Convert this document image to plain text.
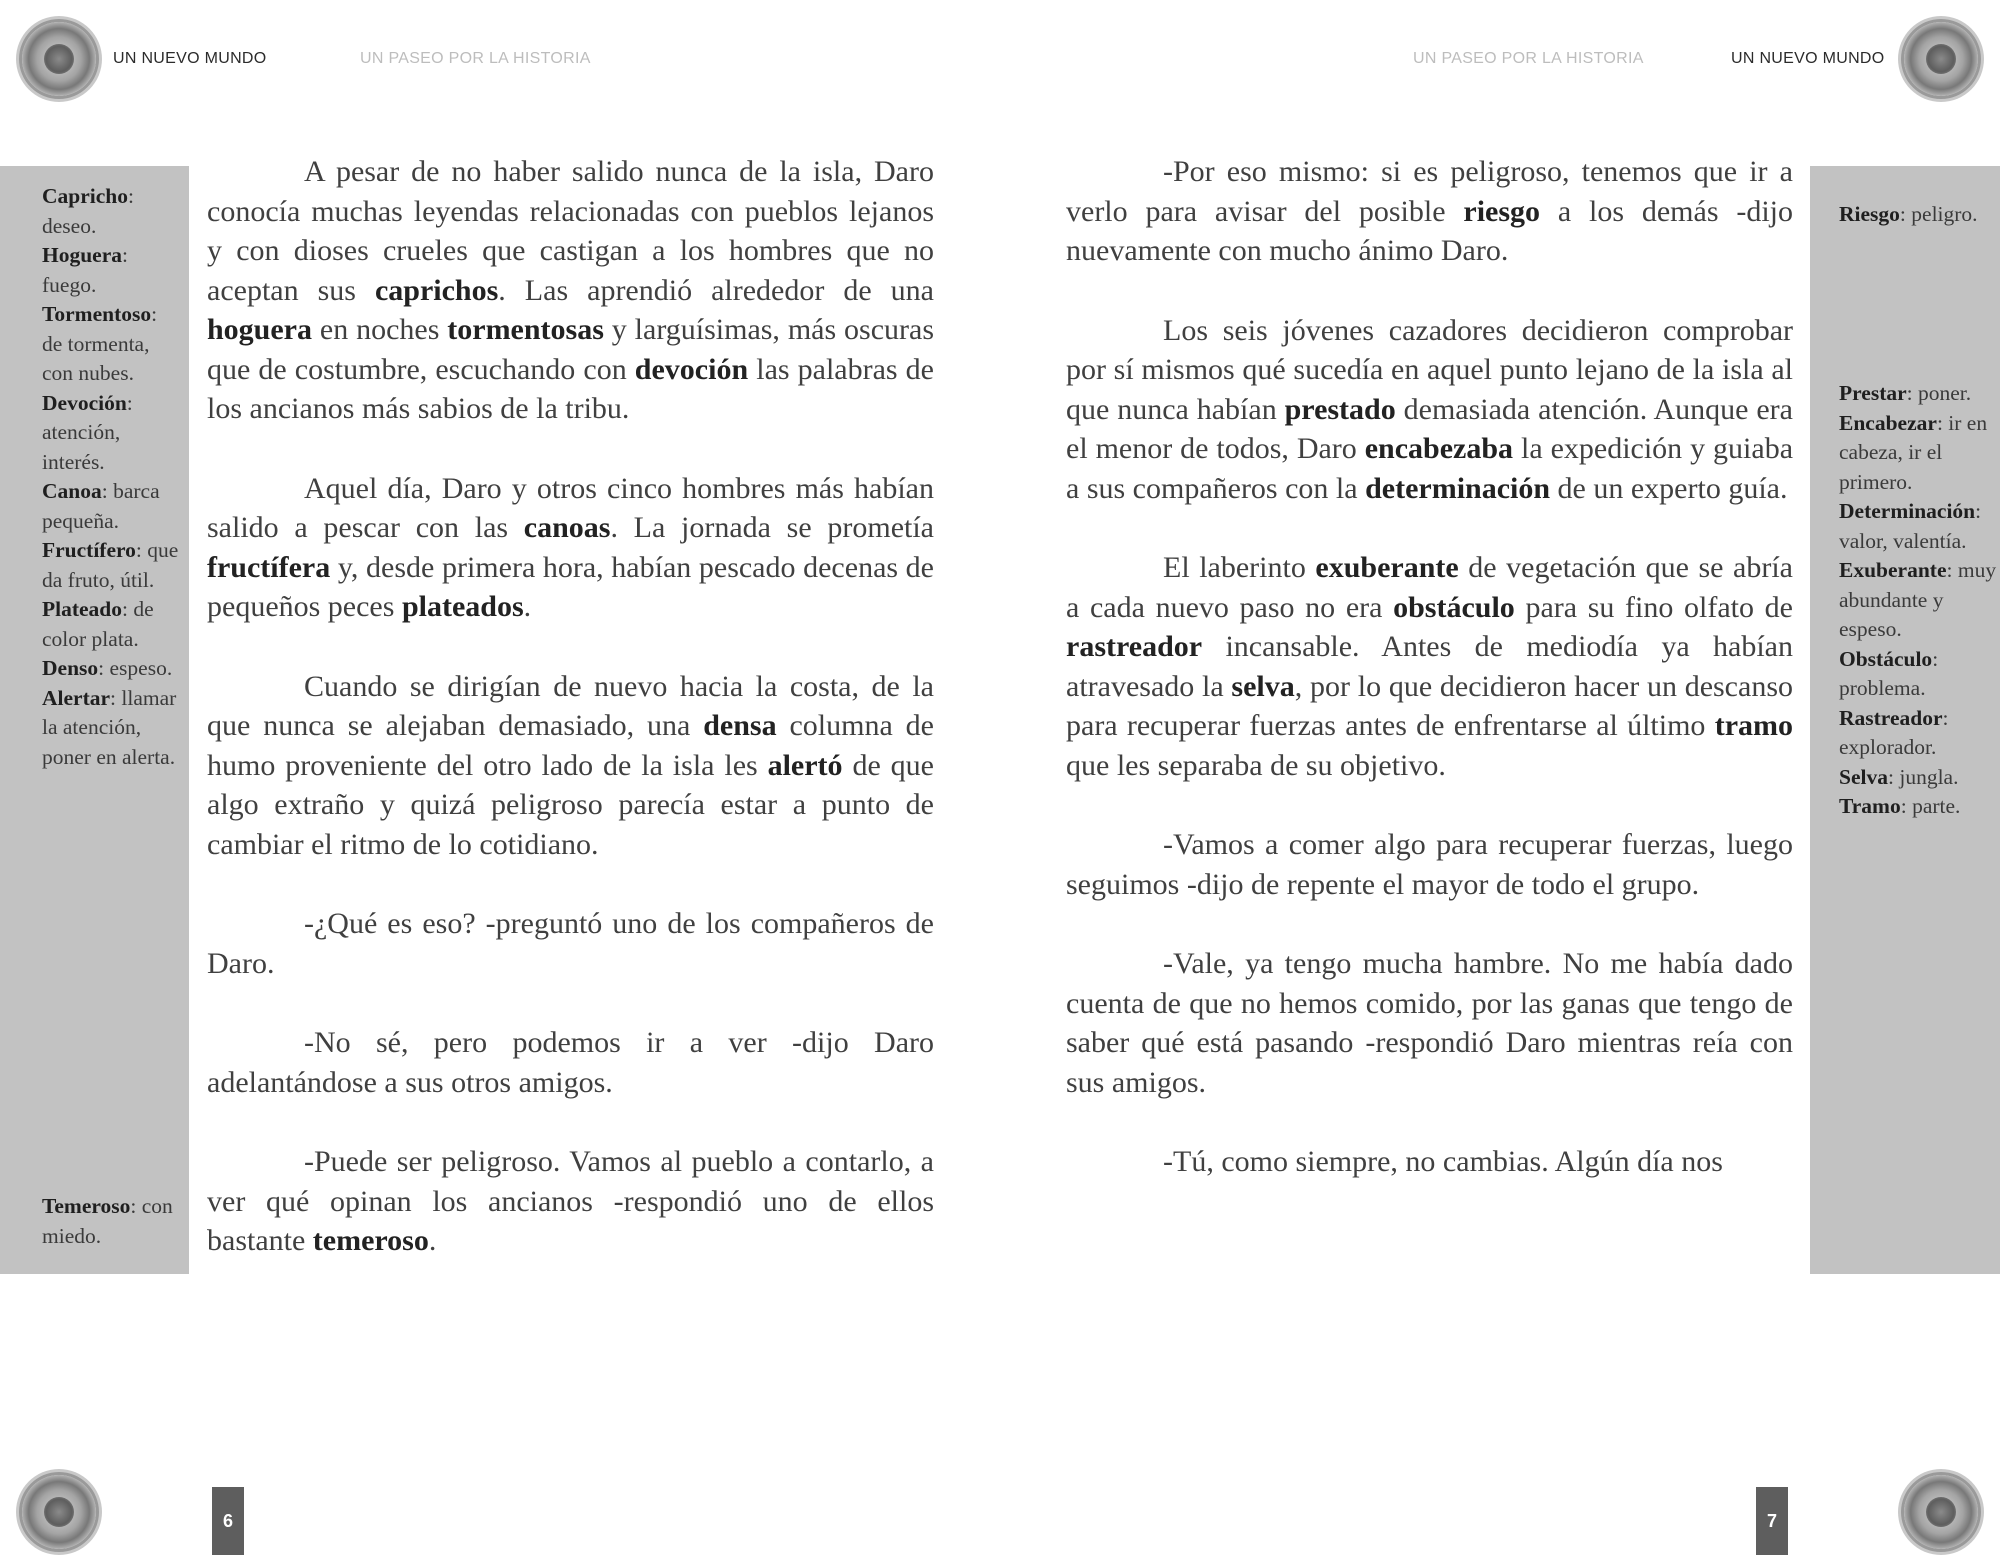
UN NUEVO MUNDO	UN PASEO POR LA HISTORIA

Capricho: deseo.

Hoguera: fuego.

Tormentoso: de tormenta, con nubes.

Devoción: atención, interés.

Canoa: barca pequeña.

Fructífero: que da fruto, útil.

Plateado: de color plata.

Denso: espeso.

Alertar: llamar la atención, poner en alerta.

Temeroso: con miedo.

A pesar de no haber salido nunca de la isla, Daro conocía muchas leyendas relacionadas con pueblos lejanos y con dioses crueles que castigan a los hombres que no aceptan sus caprichos. Las aprendió alrededor de una hoguera en noches tormentosas y larguísimas, más oscuras que de costumbre, escuchando con devoción las palabras de los ancianos más sabios de la tribu.

Aquel día, Daro y otros cinco hombres más habían salido a pescar con las canoas. La jornada se prometía fructífera y, desde primera hora, habían pescado decenas de pequeños peces plateados.

Cuando se dirigían de nuevo hacia la costa, de la que nunca se alejaban demasiado, una densa columna de humo proveniente del otro lado de la isla les alertó de que algo extraño y quizá peligroso parecía estar a punto de cambiar el ritmo de lo cotidiano.

-¿Qué es eso? -preguntó uno de los compañeros de Daro.

-No sé, pero podemos ir a ver -dijo Daro adelantándose a sus otros amigos.

-Puede ser peligroso. Vamos al pueblo a contarlo, a ver qué opinan los ancianos -respondió uno de ellos bastante temeroso.

6
UN PASEO POR LA HISTORIA	UN NUEVO MUNDO

-Por eso mismo: si es peligroso, tenemos que ir a verlo para avisar del posible riesgo a los demás -dijo nuevamente con mucho ánimo Daro.

Los seis jóvenes cazadores decidieron comprobar por sí mismos qué sucedía en aquel punto lejano de la isla al que nunca habían prestado demasiada atención. Aunque era el menor de todos, Daro encabezaba la expedición y guiaba a sus compañeros con la determinación de un experto guía.

El laberinto exuberante de vegetación que se abría a cada nuevo paso no era obstáculo para su fino olfato de rastreador incansable. Antes de mediodía ya habían atravesado la selva, por lo que decidieron hacer un descanso para recuperar fuerzas antes de enfrentarse al último tramo que les separaba de su objetivo.

-Vamos a comer algo para recuperar fuerzas, luego seguimos -dijo de repente el mayor de todo el grupo.

-Vale, ya tengo mucha hambre. No me había dado cuenta de que no hemos comido, por las ganas que tengo de saber qué está pasando -respondió Daro mientras reía con sus amigos.

-Tú, como siempre, no cambias. Algún día nos

Riesgo: peligro.

Prestar: poner.

Encabezar: ir en cabeza, ir el primero.

Determinación: valor, valentía.

Exuberante: muy abundante y espeso.

Obstáculo: problema.

Rastreador: explorador.

Selva: jungla.

Tramo: parte.

7
